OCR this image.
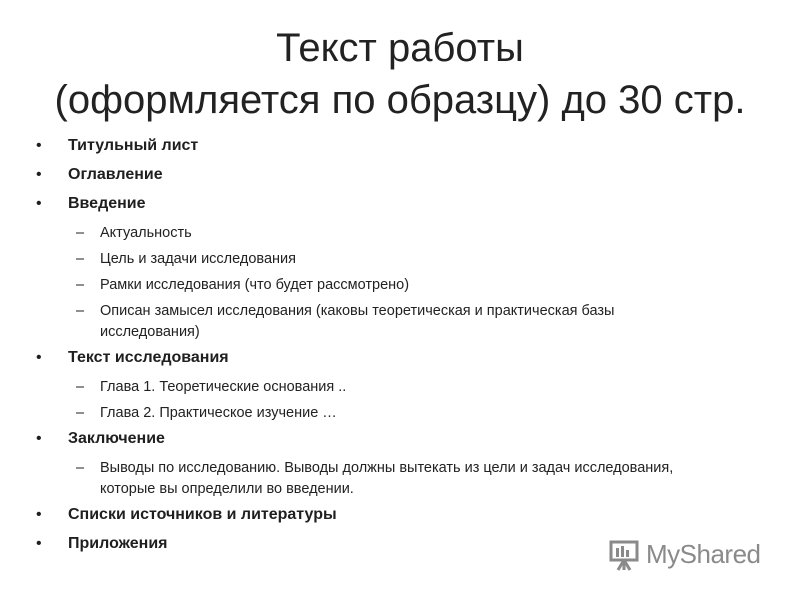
Текст работы
(оформляется по образцу) до 30 стр.
• Титульный лист
• Оглавление
• Введение
– Актуальность
– Цель и задачи исследования
– Рамки исследования (что будет рассмотрено)
– Описан замысел исследования (каковы теоретическая и практическая базы исследования)
• Текст исследования
– Глава 1. Теоретические основания ..
– Глава 2. Практическое изучение …
• Заключение
– Выводы по исследованию. Выводы должны вытекать из цели и задач исследования, которые вы определили во введении.
• Списки источников и литературы
• Приложения	MyShared
